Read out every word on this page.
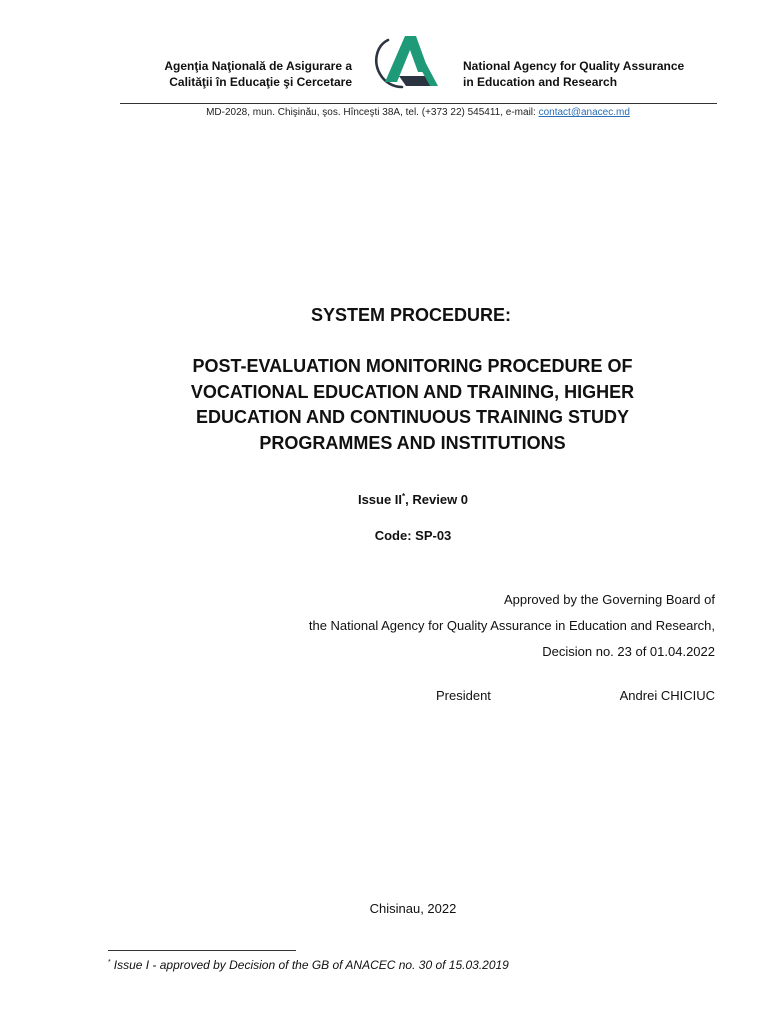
Agenţia Naţională de Asigurare a
Calităţii în Educaţie şi Cercetare
National Agency for Quality Assurance
in Education and Research
MD-2028, mun. Chişinău, şos. Hînceşti 38A, tel. (+373 22) 545411, e-mail: contact@anacec.md
SYSTEM PROCEDURE:
POST-EVALUATION MONITORING PROCEDURE OF
VOCATIONAL EDUCATION AND TRAINING, HIGHER
EDUCATION AND CONTINUOUS TRAINING STUDY
PROGRAMMES AND INSTITUTIONS
Issue II*, Review 0
Code: SP-03
Approved by the Governing Board of
the National Agency for Quality Assurance in Education and Research,
Decision no. 23 of 01.04.2022
President	Andrei CHICIUC
Chisinau, 2022
* Issue I - approved by Decision of the GB of ANACEC no. 30 of 15.03.2019
